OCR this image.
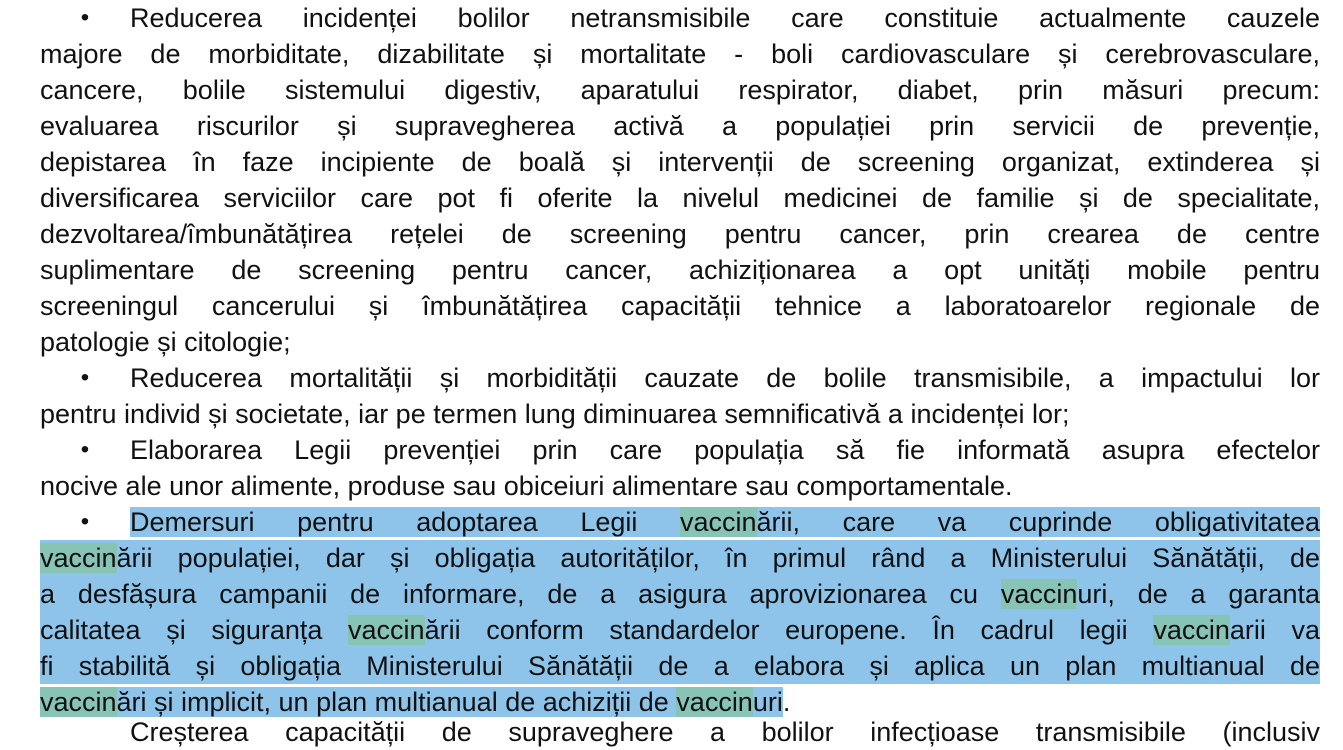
•	Reducerea incidenței bolilor netransmisibile care constituie actualmente cauzele
majore de morbiditate, dizabilitate și mortalitate - boli cardiovasculare și cerebrovasculare,
cancere, bolile sistemului digestiv, aparatului respirator, diabet, prin măsuri precum:
evaluarea riscurilor și supravegherea activă a populației prin servicii de prevenție,
depistarea în faze incipiente de boală și intervenții de screening organizat, extinderea și
diversificarea serviciilor care pot fi oferite la nivelul medicinei de familie și de specialitate,
dezvoltarea/îmbunătățirea rețelei de screening pentru cancer, prin crearea de centre
suplimentare de screening pentru cancer, achiziționarea a opt unități mobile pentru
screeningul cancerului și îmbunătățirea capacității tehnice a laboratoarelor regionale de
patologie și citologie;
•	Reducerea mortalității și morbidității cauzate de bolile transmisibile, a impactului lor
pentru individ și societate, iar pe termen lung diminuarea semnificativă a incidenței lor;
•	Elaborarea Legii prevenției prin care populația să fie informată asupra efectelor
nocive ale unor alimente, produse sau obiceiuri alimentare sau comportamentale.
•	Demersuri pentru adoptarea Legii vaccinării, care va cuprinde obligativitatea
vaccinării populației, dar și obligația autorităților, în primul rând a Ministerului Sănătății, de
a desfășura campanii de informare, de a asigura aprovizionarea cu vaccinuri, de a garanta
calitatea și siguranța vaccinării conform standardelor europene. În cadrul legii vaccinarii va
fi stabilită și obligația Ministerului Sănătății de a elabora și aplica un plan multianual de
vaccinări și implicit, un plan multianual de achiziții de vaccinuri.
Creșterea capacității de supraveghere a bolilor infecțioase transmisibile (inclusiv
